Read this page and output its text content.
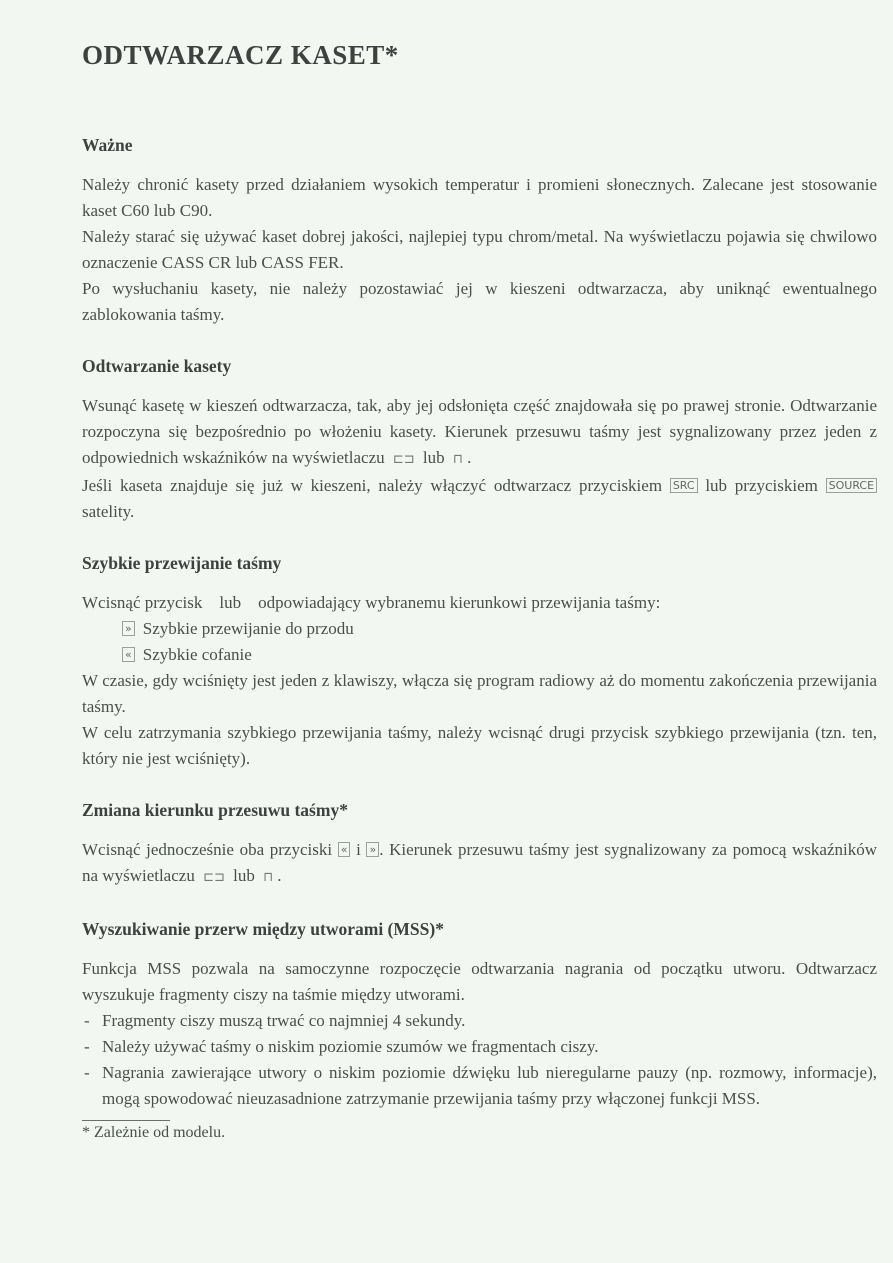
ODTWARZACZ KASET*
Ważne

Należy chronić kasety przed działaniem wysokich temperatur i promieni słonecznych. Zalecane jest stosowanie kaset C60 lub C90.

Należy starać się używać kaset dobrej jakości, najlepiej typu chrom/metal. Na wyświetlaczu pojawia się chwilowo oznaczenie CASS CR lub CASS FER.

Po wysłuchaniu kasety, nie należy pozostawiać jej w kieszeni odtwarzacza, aby uniknąć ewentualnego zablokowania taśmy.

Odtwarzanie kasety

Wsunąć kasetę w kieszeń odtwarzacza, tak, aby jej odsłonięta część znajdowała się po prawej stronie. Odtwarzanie rozpoczyna się bezpośrednio po włożeniu kasety. Kierunek przesuwu taśmy jest sygnalizowany przez jeden z odpowiednich wskaźników na wyświetlaczu ⊏⊐ lub ⊓ .

Jeśli kaseta znajduje się już w kieszeni, należy włączyć odtwarzacz przyciskiem SRC lub przyciskiem SOURCE satelity.

Szybkie przewijanie taśmy

Wcisnąć przycisk    lub    odpowiadający wybranemu kierunkowi przewijania taśmy:

» Szybkie przewijanie do przodu

« Szybkie cofanie

W czasie, gdy wciśnięty jest jeden z klawiszy, włącza się program radiowy aż do momentu zakończenia przewijania taśmy.

W celu zatrzymania szybkiego przewijania taśmy, należy wcisnąć drugi przycisk szybkiego przewijania (tzn. ten, który nie jest wciśnięty).

Zmiana kierunku przesuwu taśmy*

Wcisnąć jednocześnie oba przyciski « i » . Kierunek przesuwu taśmy jest sygnalizowany za pomocą wskaźników na wyświetlaczu ⊏⊐ lub ⊓ .

Wyszukiwanie przerw między utworami (MSS)*

Funkcja MSS pozwala na samoczynne rozpoczęcie odtwarzania nagrania od początku utworu. Odtwarzacz wyszukuje fragmenty ciszy na taśmie między utworami.

- Fragmenty ciszy muszą trwać co najmniej 4 sekundy.
- Należy używać taśmy o niskim poziomie szumów we fragmentach ciszy.
- Nagrania zawierające utwory o niskim poziomie dźwięku lub nieregularne pauzy (np. rozmowy, informacje), mogą spowodować nieuzasadnione zatrzymanie przewijania taśmy przy włączonej funkcji MSS.
* Zależnie od modelu.
